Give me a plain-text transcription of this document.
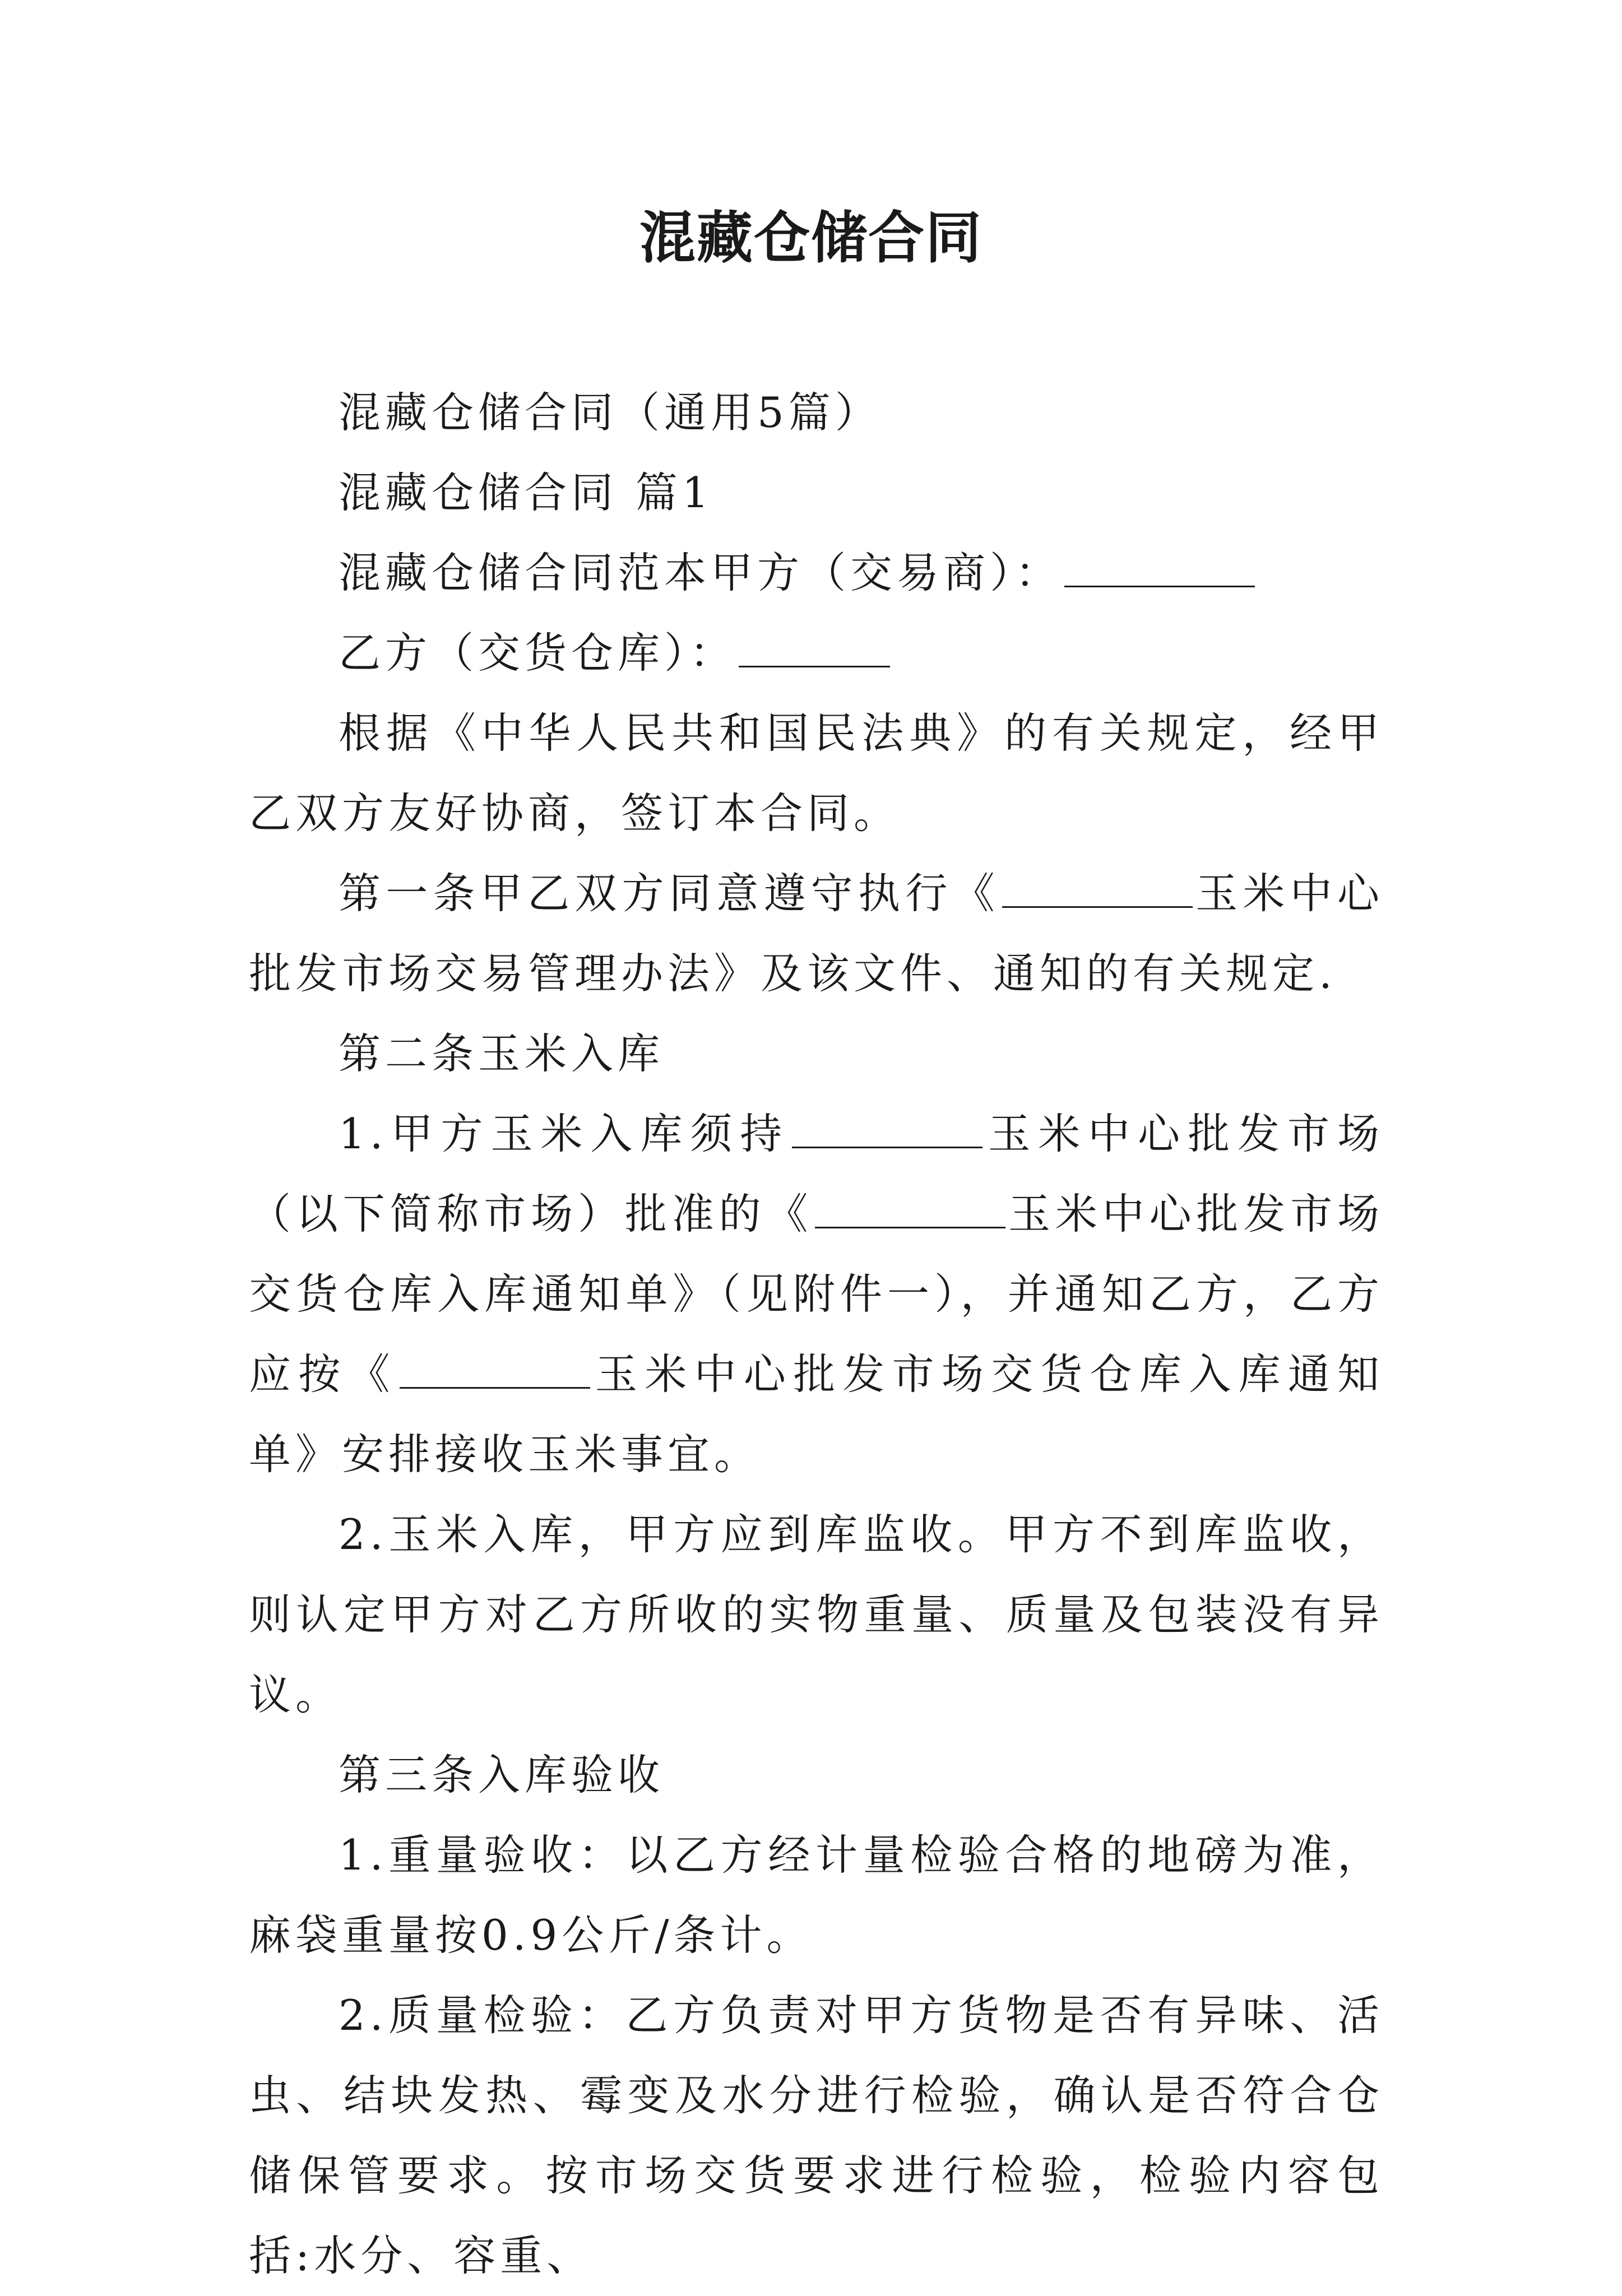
混藏仓储合同

混藏仓储合同（通用5篇）

混藏仓储合同 篇1

混藏仓储合同范本甲方（交易商）：

乙方（交货仓库）：

根据《中华人民共和国民法典》的有关规定，经甲乙双方友好协商，签订本合同。

第一条甲乙双方同意遵守执行《	玉米中心批发市场交易管理办法》及该文件、通知的有关规定.

第二条玉米入库

1.甲方玉米入库须持	玉米中心批发市场（以下简称市场）批准的《	玉米中心批发市场交货仓库入库通知单》（见附件一），并通知乙方，乙方应按《	玉米中心批发市场交货仓库入库通知单》安排接收玉米事宜。

2.玉米入库，甲方应到库监收。甲方不到库监收，则认定甲方对乙方所收的实物重量、质量及包装没有异议。

第三条入库验收

1.重量验收：以乙方经计量检验合格的地磅为准，麻袋重量按0.9公斤/条计。

2.质量检验：乙方负责对甲方货物是否有异味、活虫、结块发热、霉变及水分进行检验，确认是否符合仓储保管要求。按市场交货要求进行检验，检验内容包括:水分、容重、
